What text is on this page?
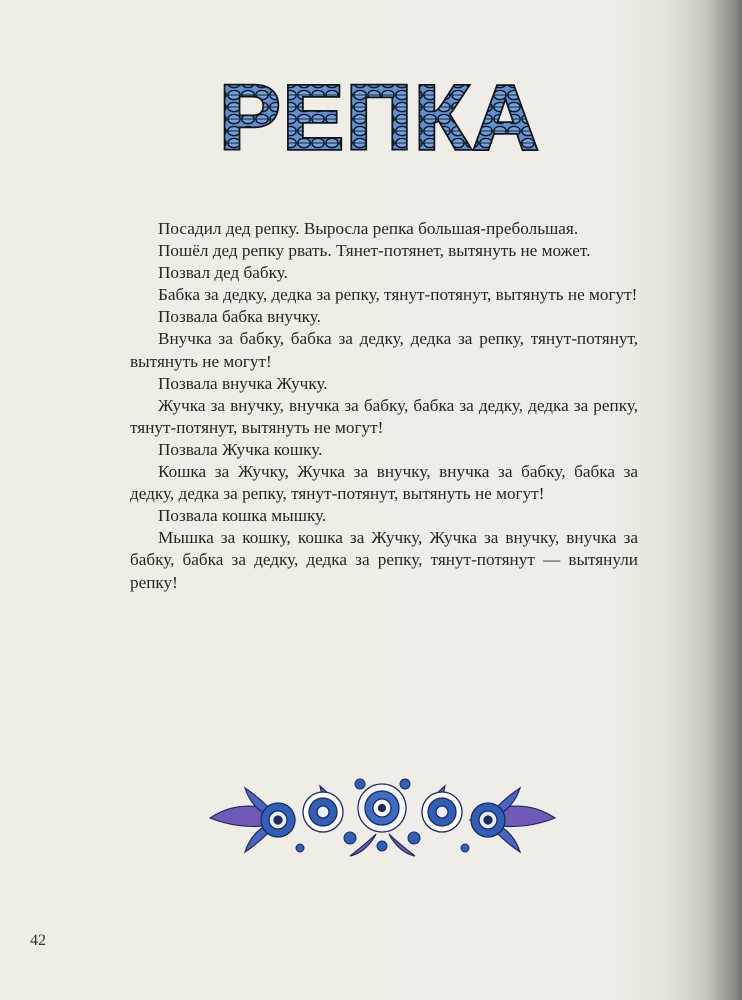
РЕПКА

Посадил дед репку. Выросла репка большая-пребольшая.

Пошёл дед репку рвать. Тянет-потянет, вытянуть не может.

Позвал дед бабку.

Бабка за дедку, дедка за репку, тянут-потянут, вытянуть не могут!

Позвала бабка внучку.

Внучка за бабку, бабка за дедку, дедка за репку, тянут-потянут, вытянуть не могут!

Позвала внучка Жучку.

Жучка за внучку, внучка за бабку, бабка за дедку, дедка за репку, тянут-потянут, вытянуть не могут!

Позвала Жучка кошку.

Кошка за Жучку, Жучка за внучку, внучка за бабку, бабка за дедку, дедка за репку, тянут-потянут, вытянуть не могут!

Позвала кошка мышку.

Мышка за кошку, кошка за Жучку, Жучка за внучку, внучка за бабку, бабка за дедку, дедка за репку, тянут-потянут — вытянули репку!

42
